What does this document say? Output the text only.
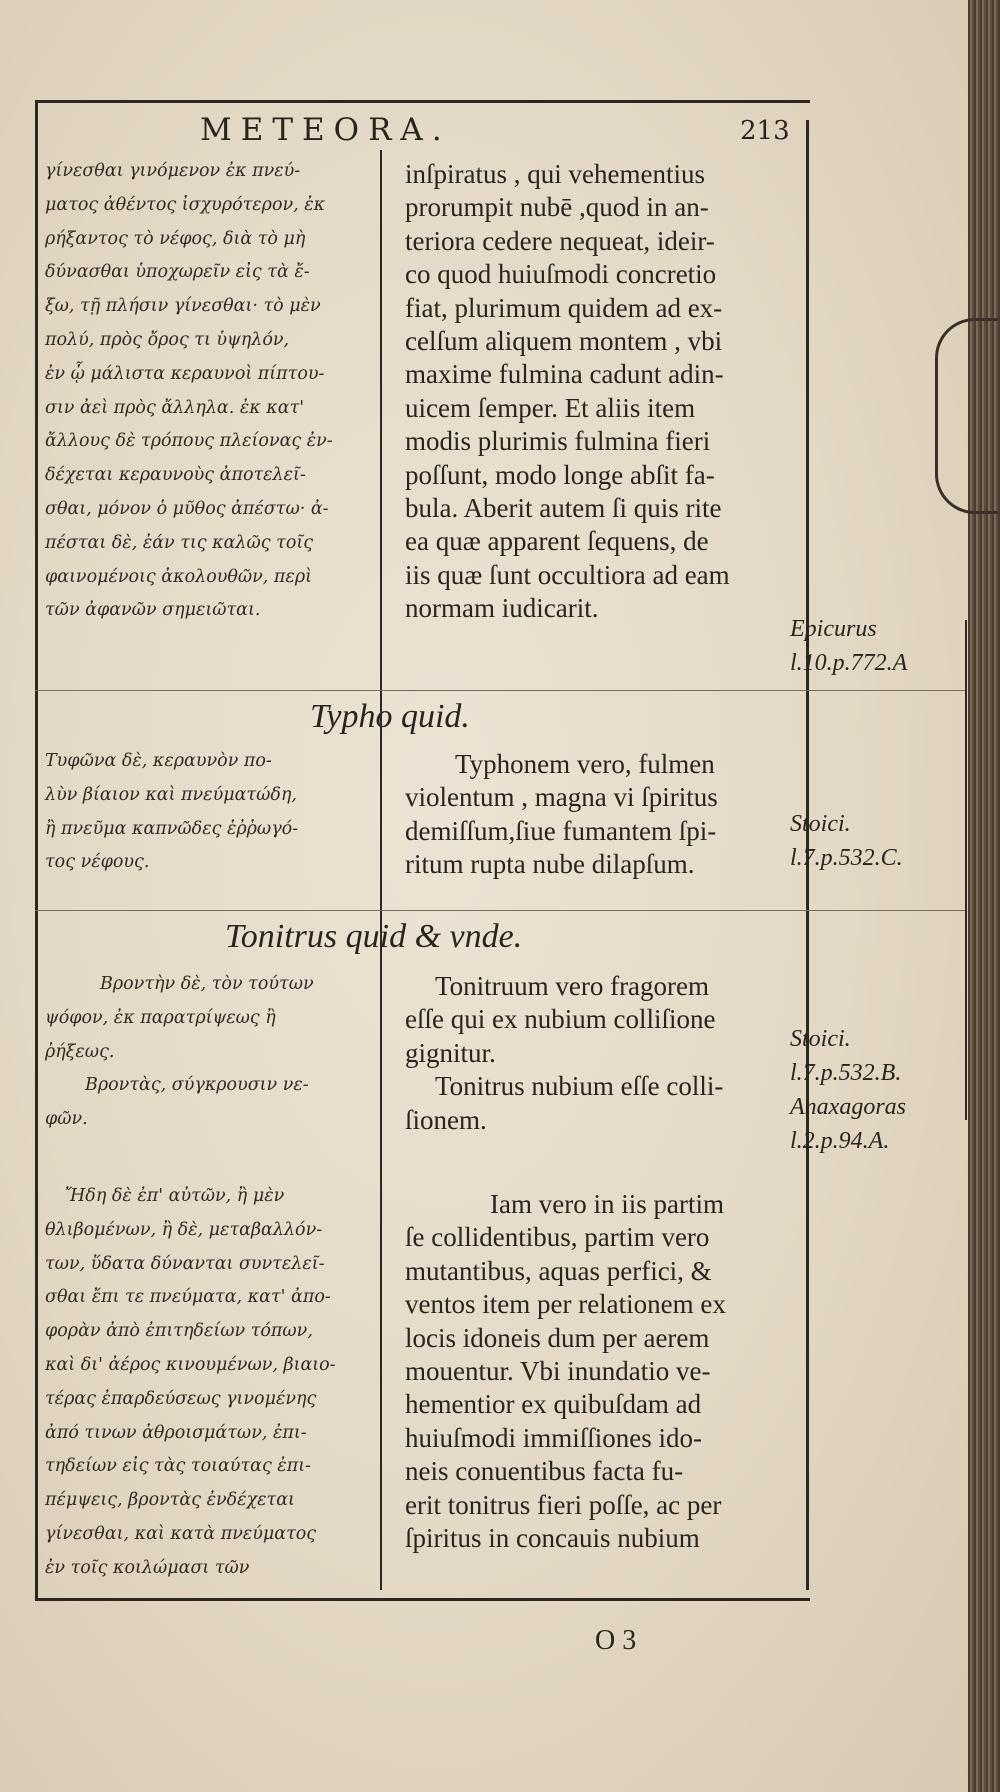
METEORA.	213
γίνεσθαι γινόμενον ἐκ πνεύ-
ματος ἀθέντος ἰσχυρότερον, ἐκ
ρήξαντος τὸ νέφος, διὰ τὸ μὴ
δύνασθαι ὑποχωρεῖν εἰς τὰ ἔ-
ξω, τῇ πλήσιν γίνεσθαι· τὸ μὲν
πολύ, πρὸς ὄρος τι ὑψηλόν,
ἐν ᾧ μάλιστα κεραυνοὶ πίπτου-
σιν ἀεὶ πρὸς ἄλληλα. ἐκ κατ'
ἄλλους δὲ τρόπους πλείονας ἐν-
δέχεται κεραυνοὺς ἀποτελεῖ-
σθαι, μόνον ὁ μῦθος ἀπέστω· ἀ-
πέσται δὲ, ἐάν τις καλῶς τοῖς
φαινομένοις ἀκολουθῶν, περὶ
τῶν ἀφανῶν σημειῶται.

inſpiratus , qui vehementius

prorumpit nubē ,quod in an-

teriora cedere nequeat, ideir-

co quod huiuſmodi concretio

fiat, plurimum quidem ad ex-

celſum aliquem montem , vbi

maxime fulmina cadunt adin-

uicem ſemper. Et aliis item

modis plurimis fulmina fieri

poſſunt, modo longe abſit fa-

bula. Aberit autem ſi quis rite

ea quæ apparent ſequens, de

iis quæ ſunt occultiora ad eam

normam iudicarit.

Epicurus
l.10.p.772.A
Typho quid.
Τυφῶνα δὲ, κεραυνὸν πο-
λὺν βίαιον καὶ πνεύματώδη,
ἢ πνεῦμα καπνῶδες ἐῤῥωγό-
τος νέφους.

Typhonem vero, fulmen

violentum , magna vi ſpiritus

demiſſum,ſiue fumantem ſpi-

ritum rupta nube dilapſum.

Stoici.
l.7.p.532.C.
Tonitrus quid & vnde.
Βροντὴν δὲ, τὸν τούτων
ψόφον, ἐκ παρατρίψεως ἢ
ῥήξεως.
Βροντὰς, σύγκρουσιν νε-
φῶν.

Tonitruum vero fragorem

eſſe qui ex nubium colliſione

gignitur.

Tonitrus nubium eſſe colli-

ſionem.

Stoici.
l.7.p.532.B.
Anaxagoras
l.2.p.94.A.
Ἤδη δὲ ἐπ' αὐτῶν, ἢ μὲν
θλιβομένων, ἢ δὲ, μεταβαλλόν-
των, ὕδατα δύνανται συντελεῖ-
σθαι ἔπι τε πνεύματα, κατ' ἀπο-
φορὰν ἀπὸ ἐπιτηδείων τόπων,
καὶ δι' ἀέρος κινουμένων, βιαιο-
τέρας ἐπαρδεύσεως γινομένης
ἀπό τινων ἀθροισμάτων, ἐπι-
τηδείων εἰς τὰς τοιαύτας ἐπι-
πέμψεις, βροντὰς ἐνδέχεται
γίνεσθαι, καὶ κατὰ πνεύματος
ἐν τοῖς κοιλώμασι τῶν

Iam vero in iis partim

ſe collidentibus, partim vero

mutantibus, aquas perfici, &

ventos item per relationem ex

locis idoneis dum per aerem

mouentur. Vbi inundatio ve-

hementior ex quibuſdam ad

huiuſmodi immiſſiones ido-

neis conuentibus facta fu-

erit tonitrus fieri poſſe, ac per

ſpiritus in concauis nubium

O 3
